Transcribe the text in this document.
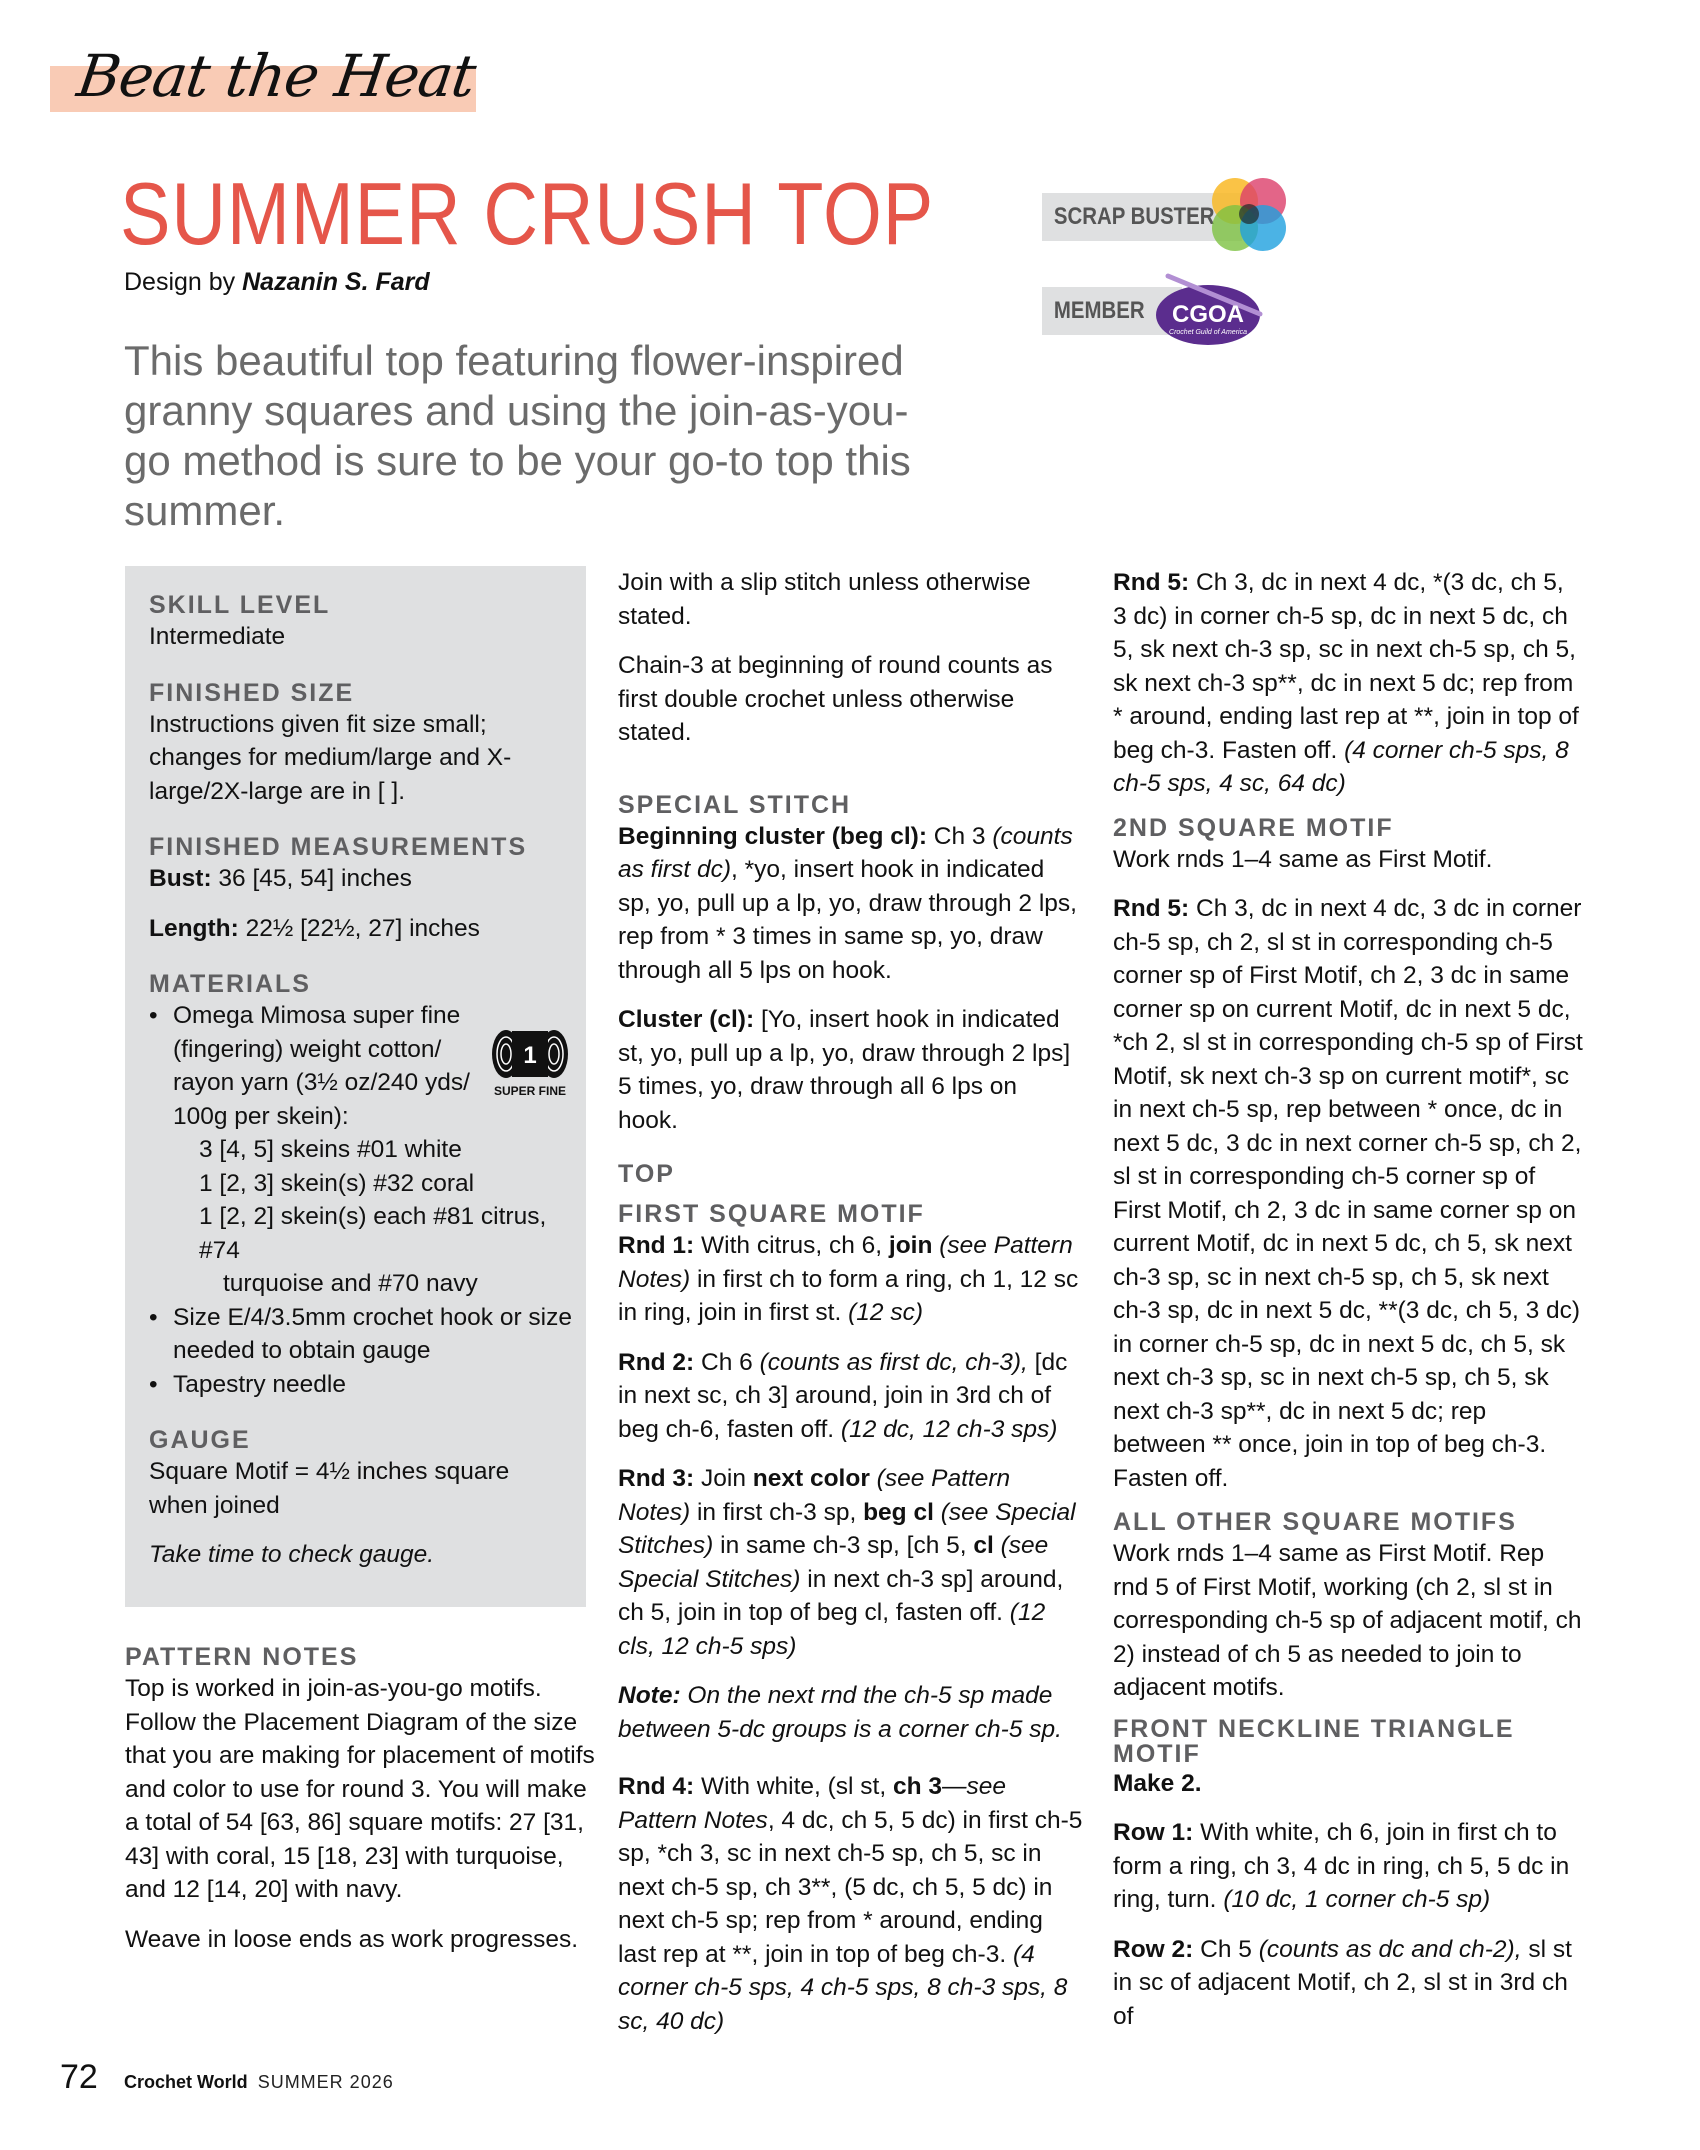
Beat the Heat
SUMMER CRUSH TOP
Design by Nazanin S. Fard
This beautiful top featuring flower-inspired granny squares and using the join-as-you-go method is sure to be your go-to top this summer.
SCRAP BUSTER
MEMBER	CGOA
Crochet Guild of America
SKILL LEVEL
Intermediate
FINISHED SIZE
Instructions given fit size small; changes for medium/large and X-large/2X-large are in [ ].
FINISHED MEASUREMENTS

Bust: 36 [45, 54] inches

Length: 22½ [22½, 27] inches

MATERIALS
• Omega Mimosa super fine (fingering) weight cotton/ rayon yarn (3½ oz/240 yds/ 100g per skein):
3 [4, 5] skeins #01 white
1 [2, 3] skein(s) #32 coral
1 [2, 2] skein(s) each #81 citrus, #74
turquoise and #70 navy
• Size E/4/3.5mm crochet hook or size needed to obtain gauge
• Tapestry needle
GAUGE

Square Motif = 4½ inches square when joined

Take time to check gauge.

1
SUPER FINE
PATTERN NOTES

Top is worked in join-as-you-go motifs. Follow the Placement Diagram of the size that you are making for placement of motifs and color to use for round 3. You will make a total of 54 [63, 86] square motifs: 27 [31, 43] with coral, 15 [18, 23] with turquoise, and 12 [14, 20] with navy.

Weave in loose ends as work progresses.

Join with a slip stitch unless otherwise stated.

Chain-3 at beginning of round counts as first double crochet unless otherwise stated.

SPECIAL STITCH

Beginning cluster (beg cl): Ch 3 (counts as first dc), *yo, insert hook in indicated sp, yo, pull up a lp, yo, draw through 2 lps, rep from * 3 times in same sp, yo, draw through all 5 lps on hook.

Cluster (cl): [Yo, insert hook in indicated st, yo, pull up a lp, yo, draw through 2 lps] 5 times, yo, draw through all 6 lps on hook.

TOP
FIRST SQUARE MOTIF

Rnd 1: With citrus, ch 6, join (see Pattern Notes) in first ch to form a ring, ch 1, 12 sc in ring, join in first st. (12 sc)

Rnd 2: Ch 6 (counts as first dc, ch-3), [dc in next sc, ch 3] around, join in 3rd ch of beg ch-6, fasten off. (12 dc, 12 ch-3 sps)

Rnd 3: Join next color (see Pattern Notes) in first ch-3 sp, beg cl (see Special Stitches) in same ch-3 sp, [ch 5, cl (see Special Stitches) in next ch-3 sp] around, ch 5, join in top of beg cl, fasten off. (12 cls, 12 ch-5 sps)

Note: On the next rnd the ch-5 sp made between 5-dc groups is a corner ch-5 sp.

Rnd 4: With white, (sl st, ch 3—see Pattern Notes, 4 dc, ch 5, 5 dc) in first ch-5 sp, *ch 3, sc in next ch-5 sp, ch 5, sc in next ch-5 sp, ch 3**, (5 dc, ch 5, 5 dc) in next ch-5 sp; rep from * around, ending last rep at **, join in top of beg ch-3. (4 corner ch-5 sps, 4 ch-5 sps, 8 ch-3 sps, 8 sc, 40 dc)

Rnd 5: Ch 3, dc in next 4 dc, *(3 dc, ch 5, 3 dc) in corner ch-5 sp, dc in next 5 dc, ch 5, sk next ch-3 sp, sc in next ch-5 sp, ch 5, sk next ch-3 sp**, dc in next 5 dc; rep from * around, ending last rep at **, join in top of beg ch-3. Fasten off. (4 corner ch-5 sps, 8 ch-5 sps, 4 sc, 64 dc)

2ND SQUARE MOTIF

Work rnds 1–4 same as First Motif.

Rnd 5: Ch 3, dc in next 4 dc, 3 dc in corner ch-5 sp, ch 2, sl st in corresponding ch-5 corner sp of First Motif, ch 2, 3 dc in same corner sp on current Motif, dc in next 5 dc, *ch 2, sl st in corresponding ch-5 sp of First Motif, sk next ch-3 sp on current motif*, sc in next ch-5 sp, rep between * once, dc in next 5 dc, 3 dc in next corner ch-5 sp, ch 2, sl st in corresponding ch-5 corner sp of First Motif, ch 2, 3 dc in same corner sp on current Motif, dc in next 5 dc, ch 5, sk next ch-3 sp, sc in next ch-5 sp, ch 5, sk next ch-3 sp, dc in next 5 dc, **(3 dc, ch 5, 3 dc) in corner ch-5 sp, dc in next 5 dc, ch 5, sk next ch-3 sp, sc in next ch-5 sp, ch 5, sk next ch-3 sp**, dc in next 5 dc; rep between ** once, join in top of beg ch-3. Fasten off.

ALL OTHER SQUARE MOTIFS

Work rnds 1–4 same as First Motif. Rep rnd 5 of First Motif, working (ch 2, sl st in corresponding ch-5 sp of adjacent motif, ch 2) instead of ch 5 as needed to join to adjacent motifs.

FRONT NECKLINE TRIANGLE MOTIF

Make 2.

Row 1: With white, ch 6, join in first ch to form a ring, ch 3, 4 dc in ring, ch 5, 5 dc in ring, turn. (10 dc, 1 corner ch-5 sp)

Row 2: Ch 5 (counts as dc and ch-2), sl st in sc of adjacent Motif, ch 2, sl st in 3rd ch of

72 Crochet World SUMMER 2026
